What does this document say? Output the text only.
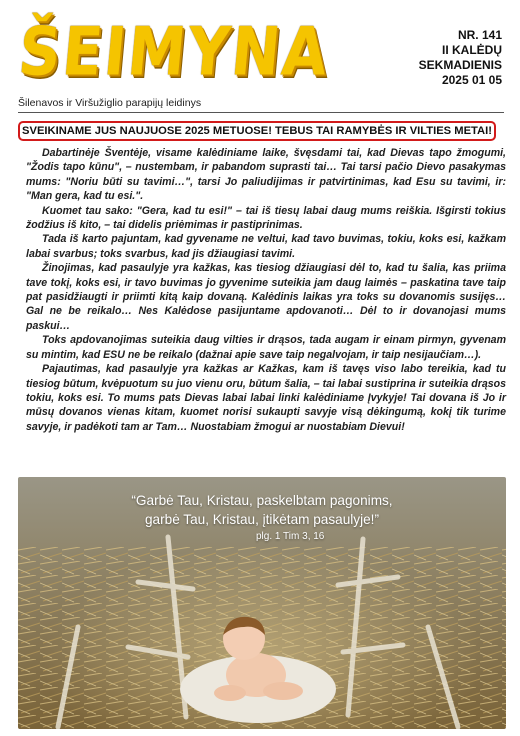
ŠEIMYNA	NR. 141
II KALĖDŲ
SEKMADIENIS
2025 01 05
Šilenavos ir Viršužiglio parapijų leidinys
SVEIKINAME JUS NAUJUOSE 2025 METUOSE! TEBUS TAI RAMYBĖS IR VILTIES METAI!

Dabartinėje Šventėje, visame kalėdiniame laike, švęsdami tai, kad Dievas tapo žmogumi, "Žodis tapo kūnu", – nustembam, ir pabandom suprasti tai… Tai tarsi pačio Dievo pasakymas mums: "Noriu būti su tavimi…", tarsi Jo paliudijimas ir patvirtinimas, kad Esu su tavimi, ir: "Man gera, kad tu esi.".

Kuomet tau sako: "Gera, kad tu esi!" – tai iš tiesų labai daug mums reiškia. Išgirsti tokius žodžius iš kito, – tai didelis priėmimas ir pastiprinimas.

Tada iš karto pajuntam, kad gyvename ne veltui, kad tavo buvimas, tokiu, koks esi, kažkam labai svarbus; toks svarbus, kad jis džiaugiasi tavimi.

Žinojimas, kad pasaulyje yra kažkas, kas tiesiog džiaugiasi dėl to, kad tu šalia, kas priima tave tokį, koks esi, ir tavo buvimas jo gyvenime suteikia jam daug laimės – paskatina tave taip pat pasidžiaugti ir priimti kitą kaip dovaną. Kalėdinis laikas yra toks su dovanomis susijęs… Gal ne be reikalo… Nes Kalėdose pasijuntame apdovanoti… Dėl to ir dovanojasi mums paskui…

Toks apdovanojimas suteikia daug vilties ir drąsos, tada augam ir einam pirmyn, gyvenam su mintim, kad ESU ne be reikalo (dažnai apie save taip negalvojam, ir taip nesijaučiam…).

Pajautimas, kad pasaulyje yra kažkas ar Kažkas, kam iš tavęs viso labo tereikia, kad tu tiesiog būtum, kvėpuotum su juo vienu oru, būtum šalia, – tai labai sustiprina ir suteikia drąsos tokiu, koks esi. To mums pats Dievas labai labai linki kalėdiniame Įvykyje! Tai dovana iš Jo ir mūsų dovanos vienas kitam, kuomet norisi sukaupti savyje visą dėkingumą, kokį tik turime savyje, ir padėkoti tam ar Tam… Nuostabiam žmogui ar nuostabiam Dievui!

“Garbė Tau, Kristau, paskelbtam pagonims,
garbė Tau, Kristau, įtikėtam pasaulyje!”
plg. 1 Tim 3, 16
